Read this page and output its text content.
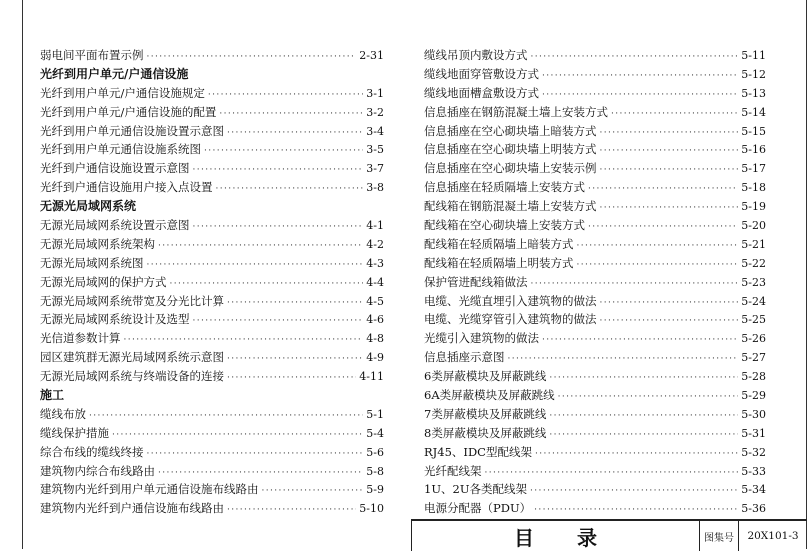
弱电间平面布置示例 ·····	2-31
光纤到用户单元/户通信设施
光纤到用户单元/户通信设施规定 ·····	3-1
光纤到用户单元/户通信设施的配置 ·····	3-2
光纤到用户单元通信设施设置示意图 ·····	3-4
光纤到用户单元通信设施系统图 ·····	3-5
光纤到户通信设施设置示意图 ·····	3-7
光纤到户通信设施用户接入点设置 ·····	3-8
无源光局域网系统
无源光局域网系统设置示意图 ·····	4-1
无源光局域网系统架构 ·····	4-2
无源光局域网系统图 ·····	4-3
无源光局域网的保护方式 ·····	4-4
无源光局域网系统带宽及分光比计算 ·····	4-5
无源光局域网系统设计及选型 ·····	4-6
光信道参数计算 ·····	4-8
园区建筑群无源光局域网系统示意图 ·····	4-9
无源光局域网系统与终端设备的连接 ·····	4-11
施工
缆线布放 ·····	5-1
缆线保护措施 ·····	5-4
综合布线的缆线终接 ·····	5-6
建筑物内综合布线路由 ·····	5-8
建筑物内光纤到用户单元通信设施布线路由 ·····	5-9
建筑物内光纤到户通信设施布线路由 ·····	5-10
缆线吊顶内敷设方式 ·····	5-11
缆线地面穿管敷设方式 ·····	5-12
缆线地面槽盒敷设方式 ·····	5-13
信息插座在钢筋混凝土墙上安装方式 ·····	5-14
信息插座在空心砌块墙上暗装方式 ·····	5-15
信息插座在空心砌块墙上明装方式 ·····	5-16
信息插座在空心砌块墙上安装示例 ·····	5-17
信息插座在轻质隔墙上安装方式 ·····	5-18
配线箱在钢筋混凝土墙上安装方式 ·····	5-19
配线箱在空心砌块墙上安装方式 ·····	5-20
配线箱在轻质隔墙上暗装方式 ·····	5-21
配线箱在轻质隔墙上明装方式 ·····	5-22
保护管进配线箱做法 ·····	5-23
电缆、光缆直埋引入建筑物的做法 ·····	5-24
电缆、光缆穿管引入建筑物的做法 ·····	5-25
光缆引入建筑物的做法 ·····	5-26
信息插座示意图 ·····	5-27
6类屏蔽模块及屏蔽跳线 ·····	5-28
6A类屏蔽模块及屏蔽跳线 ·····	5-29
7类屏蔽模块及屏蔽跳线 ·····	5-30
8类屏蔽模块及屏蔽跳线 ·····	5-31
RJ45、IDC型配线架 ·····	5-32
光纤配线架 ·····	5-33
1U、2U各类配线架 ·····	5-34
电源分配器（PDU） ·····	5-36
目 录	图集号	20X101-3
